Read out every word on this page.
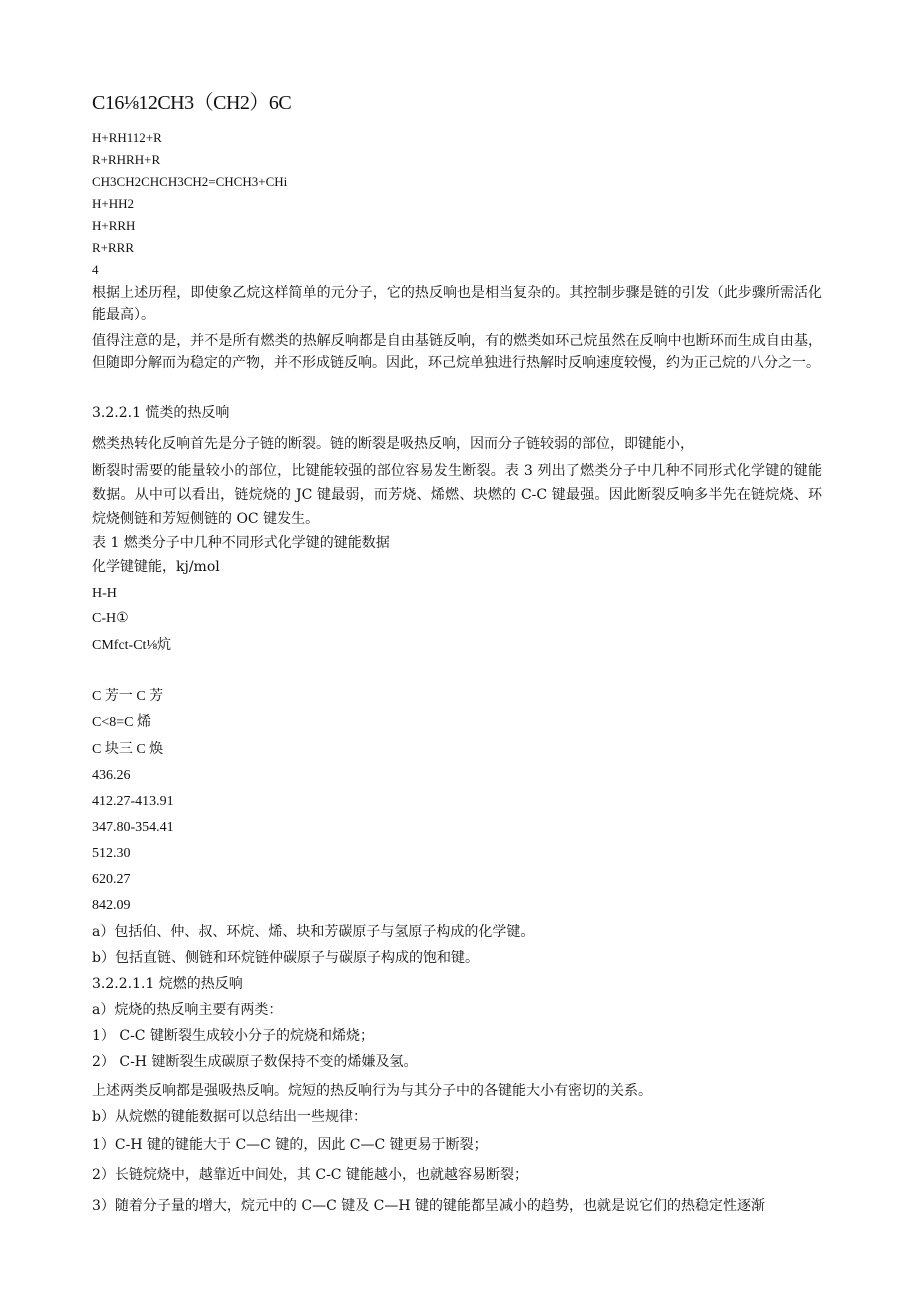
C16⅛12CH3（CH2）6C
H+RH112+R
R+RHRH+R
CH3CH2CHCH3CH2=CHCH3+CHi
H+HH2
H+RRH
R+RRR
4
根据上述历程，即使象乙烷这样简单的元分子，它的热反响也是相当复杂的。其控制步骤是链的引发（此步骤所需活化能最高）。
值得注意的是，并不是所有燃类的热解反响都是自由基链反响，有的燃类如环己烷虽然在反响中也断环而生成自由基，但随即分解而为稳定的产物，并不形成链反响。因此，环己烷单独进行热解时反响速度较慢，约为正己烷的八分之一。
3.2.2.1 慌类的热反响
燃类热转化反响首先是分子链的断裂。链的断裂是吸热反响，因而分子链较弱的部位，即键能小，
断裂时需要的能量较小的部位，比键能较强的部位容易发生断裂。表 3 列出了燃类分子中几种不同形式化学键的键能数据。从中可以看出，链烷烧的 JC 键最弱，而芳烧、烯燃、块燃的 C-C 键最强。因此断裂反响多半先在链烷烧、环烷烧侧链和芳短侧链的 OC 键发生。
表 1 燃类分子中几种不同形式化学键的键能数据
化学键键能，kj/mol
H-H
C-H①
CMfct-Ct⅛炕
C 芳一 C 芳
C<8=C 烯
C 块三 C 焕
436.26
412.27-413.91
347.80-354.41
512.30
620.27
842.09
a）包括伯、仲、叔、环烷、烯、块和芳碳原子与氢原子构成的化学键。
b）包括直链、侧链和环烷链仲碳原子与碳原子构成的饱和键。
3.2.2.1.1 烷燃的热反响
a）烷烧的热反响主要有两类：
1） C-C 键断裂生成较小分子的烷烧和烯烧；
2） C-H 键断裂生成碳原子数保持不变的烯嫌及氢。
上述两类反响都是强吸热反响。烷短的热反响行为与其分子中的各键能大小有密切的关系。
b）从烷燃的键能数据可以总结出一些规律：
1）C-H 键的键能大于 C—C 键的，因此 C—C 键更易于断裂；
2）长链烷烧中，越靠近中间处，其 C-C 键能越小，也就越容易断裂；
3）随着分子量的增大，烷元中的 C—C 键及 C—H 键的键能都呈减小的趋势，也就是说它们的热稳定性逐渐
